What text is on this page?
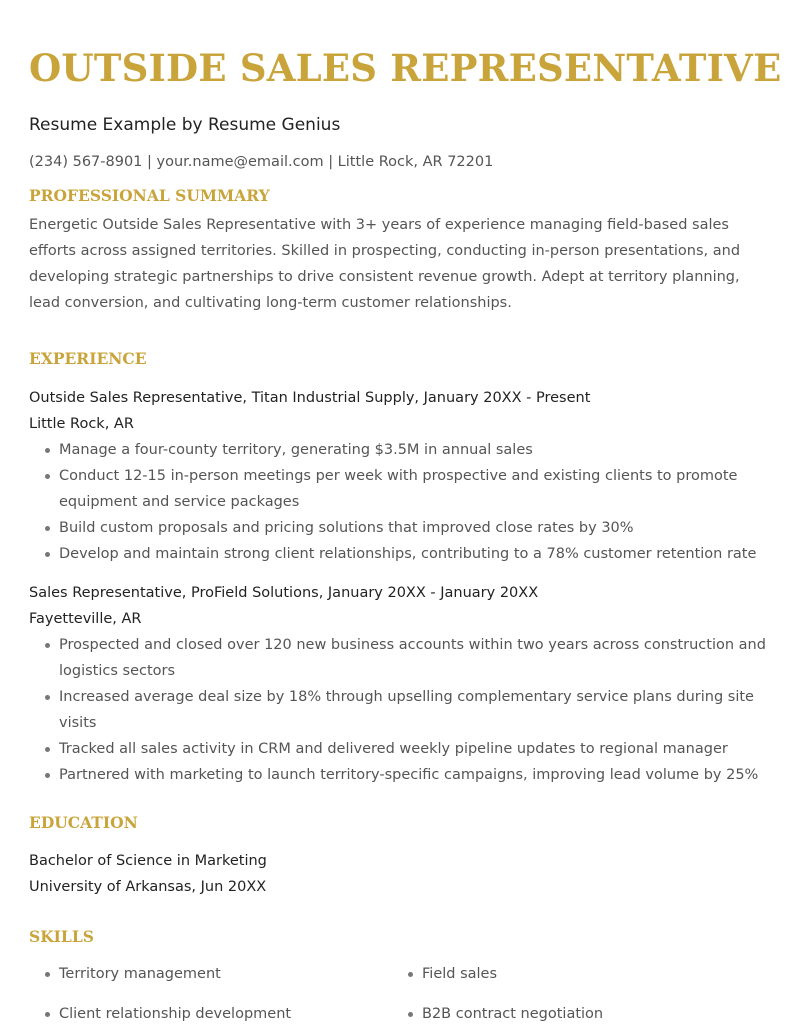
OUTSIDE SALES REPRESENTATIVE
Resume Example by Resume Genius
(234) 567-8901 | your.name@email.com | Little Rock, AR 72201
PROFESSIONAL SUMMARY
Energetic Outside Sales Representative with 3+ years of experience managing field-based sales efforts across assigned territories. Skilled in prospecting, conducting in-person presentations, and developing strategic partnerships to drive consistent revenue growth. Adept at territory planning, lead conversion, and cultivating long-term customer relationships.
EXPERIENCE
Outside Sales Representative, Titan Industrial Supply, January 20XX - Present
Little Rock, AR
Manage a four-county territory, generating $3.5M in annual sales
Conduct 12-15 in-person meetings per week with prospective and existing clients to promote equipment and service packages
Build custom proposals and pricing solutions that improved close rates by 30%
Develop and maintain strong client relationships, contributing to a 78% customer retention rate
Sales Representative, ProField Solutions, January 20XX - January 20XX
Fayetteville, AR
Prospected and closed over 120 new business accounts within two years across construction and logistics sectors
Increased average deal size by 18% through upselling complementary service plans during site visits
Tracked all sales activity in CRM and delivered weekly pipeline updates to regional manager
Partnered with marketing to launch territory-specific campaigns, improving lead volume by 25%
EDUCATION
Bachelor of Science in Marketing
University of Arkansas, Jun 20XX
SKILLS
Territory management	Field sales
Client relationship development	B2B contract negotiation
